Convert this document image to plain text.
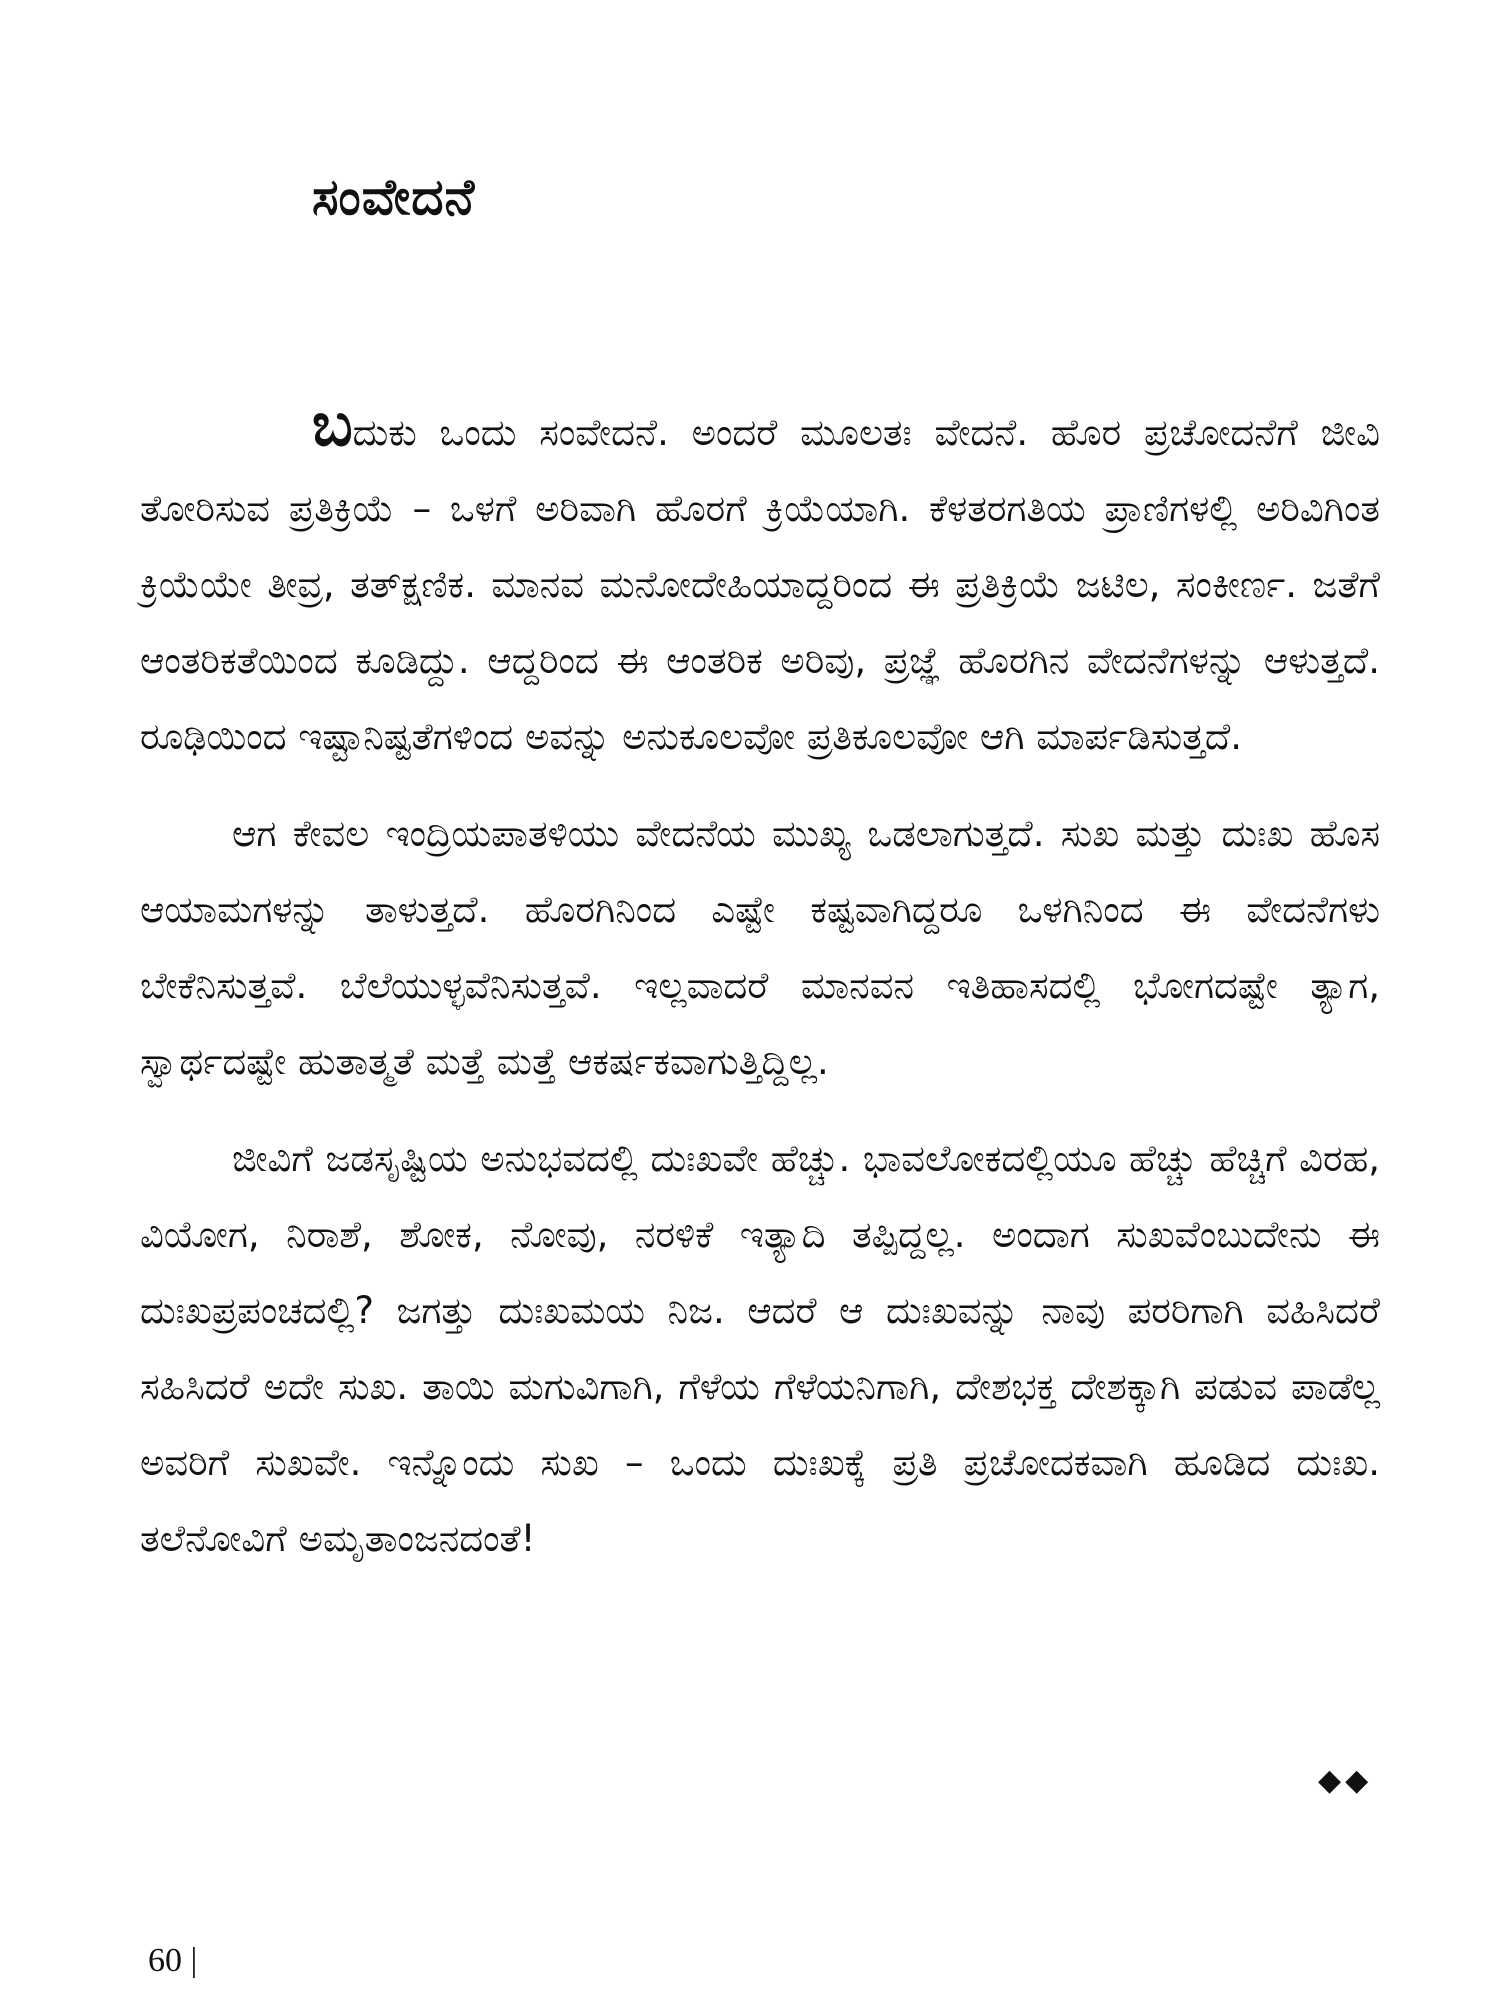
ಸಂವೇದನೆ

ಬದುಕು ಒಂದು ಸಂವೇದನೆ. ಅಂದರೆ ಮೂಲತಃ ವೇದನೆ. ಹೊರ ಪ್ರಚೋದನೆಗೆ ಜೀವಿ ತೋರಿಸುವ ಪ್ರತಿಕ್ರಿಯೆ – ಒಳಗೆ ಅರಿವಾಗಿ ಹೊರಗೆ ಕ್ರಿಯೆಯಾಗಿ. ಕೆಳತರಗತಿಯ ಪ್ರಾಣಿಗಳಲ್ಲಿ ಅರಿವಿಗಿಂತ ಕ್ರಿಯೆಯೇ ತೀವ್ರ, ತತ್‌ಕ್ಷಣಿಕ. ಮಾನವ ಮನೋದೇಹಿಯಾದ್ದರಿಂದ ಈ ಪ್ರತಿಕ್ರಿಯೆ ಜಟಿಲ, ಸಂಕೀರ್ಣ. ಜತೆಗೆ ಆಂತರಿಕತೆಯಿಂದ ಕೂಡಿದ್ದು. ಆದ್ದರಿಂದ ಈ ಆಂತರಿಕ ಅರಿವು, ಪ್ರಜ್ಞೆ ಹೊರಗಿನ ವೇದನೆಗಳನ್ನು ಆಳುತ್ತದೆ. ರೂಢಿಯಿಂದ ಇಷ್ಟಾನಿಷ್ಟತೆಗಳಿಂದ ಅವನ್ನು ಅನುಕೂಲವೋ ಪ್ರತಿಕೂಲವೋ ಆಗಿ ಮಾರ್ಪಡಿಸುತ್ತದೆ.

ಆಗ ಕೇವಲ ಇಂದ್ರಿಯಪಾತಳಿಯು ವೇದನೆಯ ಮುಖ್ಯ ಒಡಲಾಗುತ್ತದೆ. ಸುಖ ಮತ್ತು ದುಃಖ ಹೊಸ ಆಯಾಮಗಳನ್ನು ತಾಳುತ್ತದೆ. ಹೊರಗಿನಿಂದ ಎಷ್ಟೇ ಕಷ್ಟವಾಗಿದ್ದರೂ ಒಳಗಿನಿಂದ ಈ ವೇದನೆಗಳು ಬೇಕೆನಿಸುತ್ತವೆ. ಬೆಲೆಯುಳ್ಳವೆನಿಸುತ್ತವೆ. ಇಲ್ಲವಾದರೆ ಮಾನವನ ಇತಿಹಾಸದಲ್ಲಿ ಭೋಗದಷ್ಟೇ ತ್ಯಾಗ, ಸ್ವಾರ್ಥದಷ್ಟೇ ಹುತಾತ್ಮತೆ ಮತ್ತೆ ಮತ್ತೆ ಆಕರ್ಷಕವಾಗುತ್ತಿದ್ದಿಲ್ಲ.

ಜೀವಿಗೆ ಜಡಸೃಷ್ಟಿಯ ಅನುಭವದಲ್ಲಿ ದುಃಖವೇ ಹೆಚ್ಚು. ಭಾವಲೋಕದಲ್ಲಿಯೂ ಹೆಚ್ಚು ಹೆಚ್ಚಿಗೆ ವಿರಹ, ವಿಯೋಗ, ನಿರಾಶೆ, ಶೋಕ, ನೋವು, ನರಳಿಕೆ ಇತ್ಯಾದಿ ತಪ್ಪಿದ್ದಲ್ಲ. ಅಂದಾಗ ಸುಖವೆಂಬುದೇನು ಈ ದುಃಖಪ್ರಪಂಚದಲ್ಲಿ? ಜಗತ್ತು ದುಃಖಮಯ ನಿಜ. ಆದರೆ ಆ ದುಃಖವನ್ನು ನಾವು ಪರರಿಗಾಗಿ ವಹಿಸಿದರೆ ಸಹಿಸಿದರೆ ಅದೇ ಸುಖ. ತಾಯಿ ಮಗುವಿಗಾಗಿ, ಗೆಳೆಯ ಗೆಳೆಯನಿಗಾಗಿ, ದೇಶಭಕ್ತ ದೇಶಕ್ಕಾಗಿ ಪಡುವ ಪಾಡೆಲ್ಲ ಅವರಿಗೆ ಸುಖವೇ. ಇನ್ನೊಂದು ಸುಖ – ಒಂದು ದುಃಖಕ್ಕೆ ಪ್ರತಿ ಪ್ರಚೋದಕವಾಗಿ ಹೂಡಿದ ದುಃಖ. ತಲೆನೋವಿಗೆ ಅಮೃತಾಂಜನದಂತೆ!

◆◆
60 |
